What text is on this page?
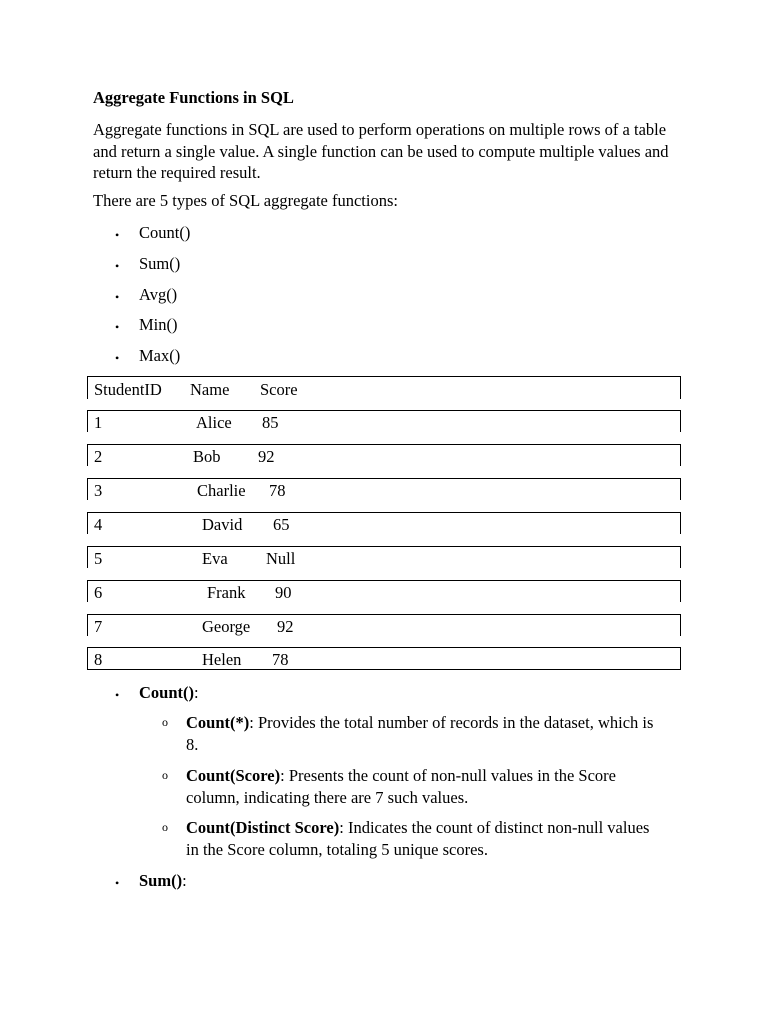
Aggregate Functions in SQL
Aggregate functions in SQL are used to perform operations on multiple rows of a table and return a single value. A single function can be used to compute multiple values and return the required result.
There are 5 types of SQL aggregate functions:
• Count()
• Sum()
• Avg()
• Min()
• Max()
StudentID Name Score
1	Alice 85
2	Bob 92
3	Charlie 78
4	David 65
5	Eva Null
6	Frank 90
7	George 92
8	Helen 78
• Count():
o Count(*): Provides the total number of records in the dataset, which is 8.
o Count(Score): Presents the count of non-null values in the Score column, indicating there are 7 such values.
o Count(Distinct Score): Indicates the count of distinct non-null values in the Score column, totaling 5 unique scores.
• Sum():
